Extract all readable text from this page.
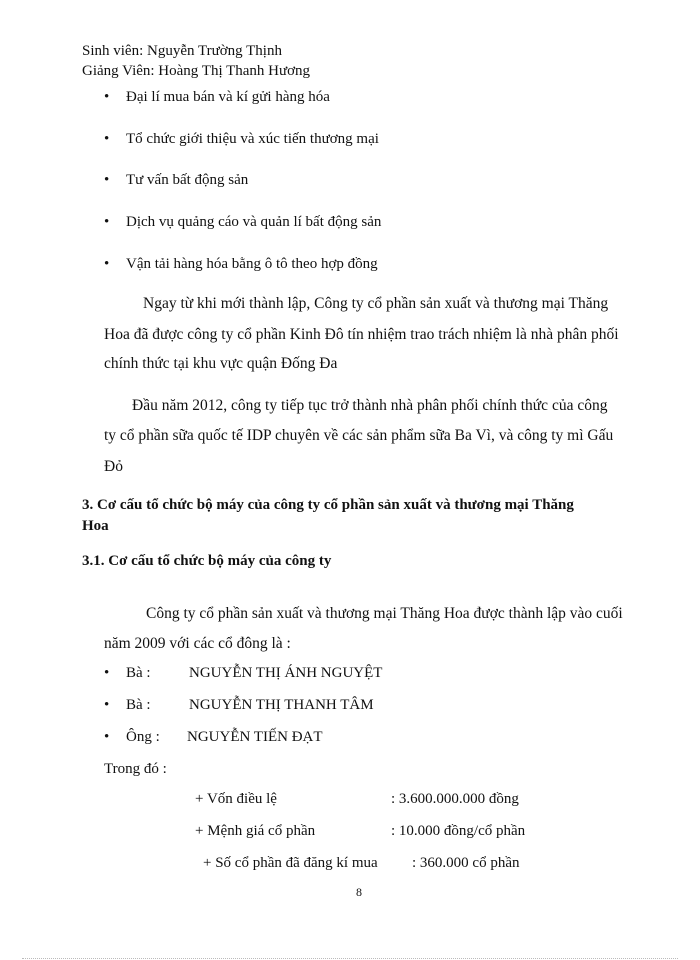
Sinh viên: Nguyễn Trường Thịnh
Giảng Viên: Hoàng Thị Thanh Hương
• Đại lí mua bán và kí gửi hàng hóa
• Tổ chức giới thiệu và xúc tiến thương mại
• Tư vấn bất động sản
• Dịch vụ quảng cáo và quản lí bất động sản
• Vận tải hàng hóa bằng ô tô theo hợp đồng
Ngay từ khi mới thành lập, Công ty cổ phần sản xuất và thương mại Thăng
Hoa đã được công ty cổ phần Kinh Đô tín nhiệm trao trách nhiệm là nhà phân phối
chính thức tại khu vực quận Đống Đa
Đầu năm 2012, công ty tiếp tục trở thành nhà phân phối chính thức của công
ty cổ phần sữa quốc tế IDP chuyên về các sản phẩm sữa Ba Vì, và công ty mì Gấu
Đỏ
3. Cơ cấu tổ chức bộ máy của công ty cổ phần sản xuất và thương mại Thăng
Hoa
3.1. Cơ cấu tổ chức bộ máy của công ty
Công ty cổ phần sản xuất và thương mại Thăng Hoa được thành lập vào cuối
năm 2009 với các cổ đông là :
• Bà :	NGUYỄN THỊ ÁNH NGUYỆT
• Bà :	NGUYỄN THỊ THANH TÂM
• Ông : NGUYỄN TIẾN ĐẠT
Trong đó :
+ Vốn điều lệ	: 3.600.000.000 đồng
+ Mệnh giá cổ phần	: 10.000 đồng/cổ phần
+ Số cổ phần đã đăng kí mua : 360.000 cổ phần
8
